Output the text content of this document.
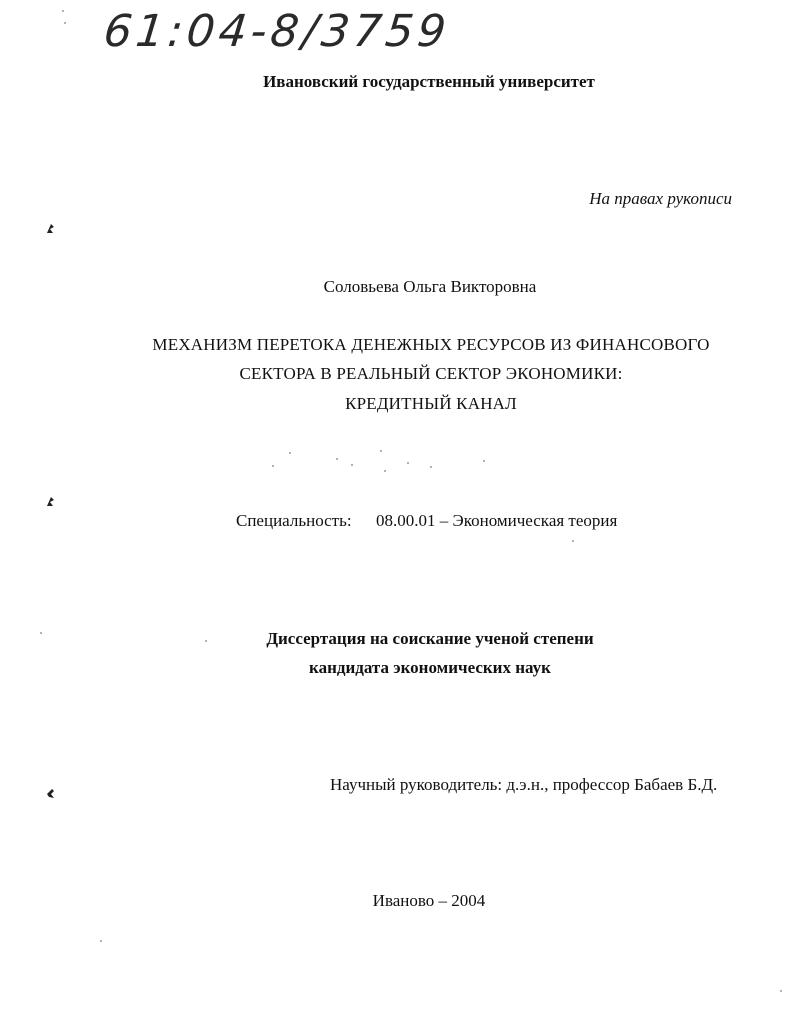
61:04-8/3759
Ивановский государственный университет
На правах рукописи
Соловьева Ольга Викторовна
МЕХАНИЗМ ПЕРЕТОКА ДЕНЕЖНЫХ РЕСУРСОВ ИЗ ФИНАНСОВОГО
СЕКТОРА В РЕАЛЬНЫЙ СЕКТОР ЭКОНОМИКИ:
КРЕДИТНЫЙ КАНАЛ
Специальность: 08.00.01 – Экономическая теория
Диссертация на соискание ученой степени
кандидата экономических наук
Научный руководитель: д.э.н., профессор Бабаев Б.Д.
Иваново – 2004
